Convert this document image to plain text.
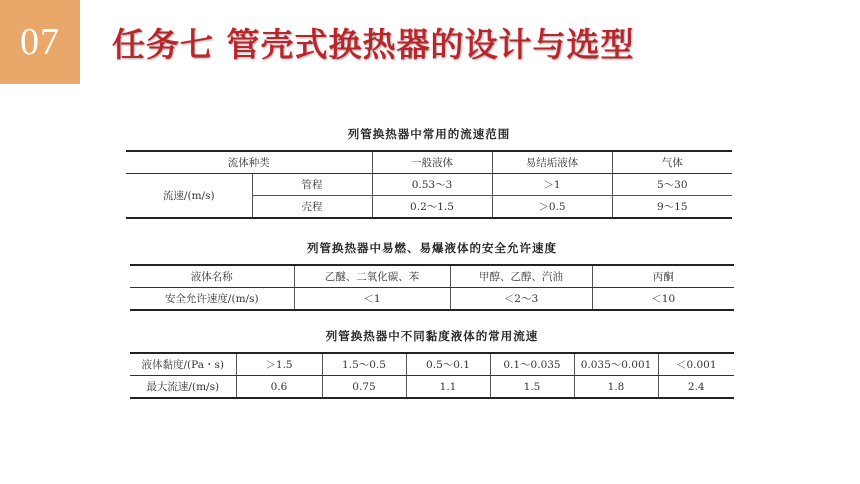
07 任务七 管壳式换热器的设计与选型
列管换热器中常用的流速范围
流体种类		一般液体	易结垢液体	气体
流速/(m/s)	管程	0.53～3	＞1	5～30
	壳程	0.2～1.5	＞0.5	9～15
列管换热器中易燃、易爆液体的安全允许速度
液体名称	乙醚、二氧化碳、苯	甲醇、乙醇、汽油	丙酮
安全允许速度/(m/s)	＜1	＜2～3	＜10
列管换热器中不同黏度液体的常用流速
液体黏度/(Pa・s)	＞1.5	1.5～0.5	0.5～0.1	0.1～0.035	0.035～0.001	＜0.001
最大流速/(m/s)	0.6	0.75	1.1	1.5	1.8	2.4
